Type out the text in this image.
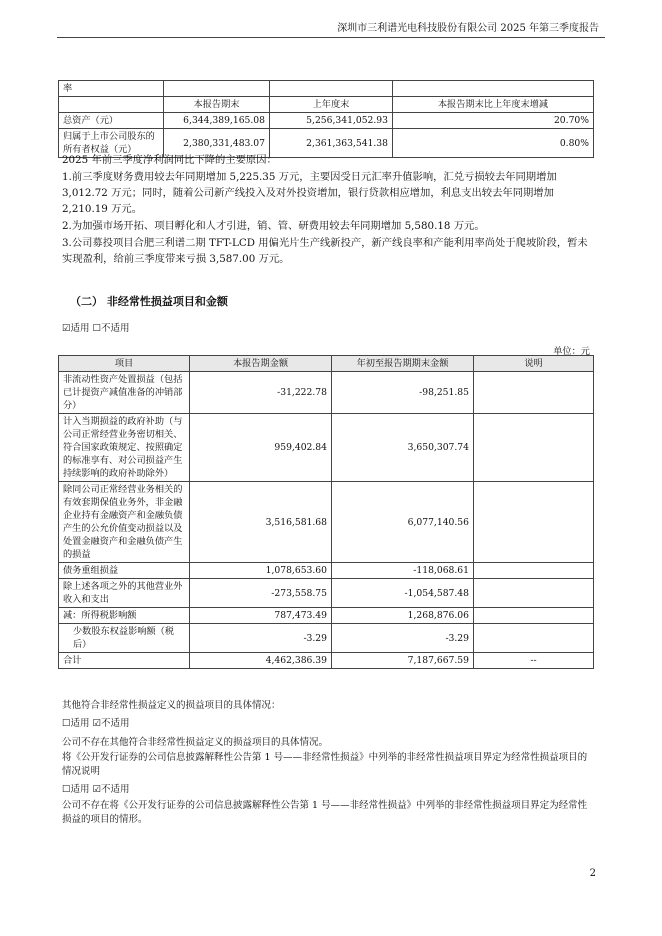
深圳市三利谱光电科技股份有限公司 2025 年第三季度报告
率			
	本报告期末	上年度末	本报告期末比上年度末增减
总资产（元）	6,344,389,165.08	5,256,341,052.93	20.70%
归属于上市公司股东的所有者权益（元）	2,380,331,483.07	2,361,363,541.38	0.80%
2025 年前三季度净利润同比下降的主要原因：
1.前三季度财务费用较去年同期增加 5,225.35 万元，主要因受日元汇率升值影响，汇兑亏损较去年同期增加 3,012.72 万元；同时，随着公司新产线投入及对外投资增加，银行贷款相应增加，利息支出较去年同期增加 2,210.19 万元。
2.为加强市场开拓、项目孵化和人才引进，销、管、研费用较去年同期增加 5,580.18 万元。
3.公司募投项目合肥三利谱二期 TFT-LCD 用偏光片生产线新投产，新产线良率和产能利用率尚处于爬坡阶段，暂未实现盈利，给前三季度带来亏损 3,587.00 万元。
（二） 非经常性损益项目和金额
☑适用 ☐不适用
单位：元
项目	本报告期金额	年初至报告期期末金额	说明
非流动性资产处置损益（包括已计提资产减值准备的冲销部分）	-31,222.78	-98,251.85	
计入当期损益的政府补助（与公司正常经营业务密切相关、符合国家政策规定、按照确定的标准享有、对公司损益产生持续影响的政府补助除外）	959,402.84	3,650,307.74	
除同公司正常经营业务相关的有效套期保值业务外，非金融企业持有金融资产和金融负债产生的公允价值变动损益以及处置金融资产和金融负债产生的损益	3,516,581.68	6,077,140.56	
债务重组损益	1,078,653.60	-118,068.61	
除上述各项之外的其他营业外收入和支出	-273,558.75	-1,054,587.48	
减：所得税影响额	787,473.49	1,268,876.06	
少数股东权益影响额（税后）	-3.29	-3.29	
合计	4,462,386.39	7,187,667.59	--
其他符合非经常性损益定义的损益项目的具体情况：
☐适用 ☑不适用
公司不存在其他符合非经常性损益定义的损益项目的具体情况。
将《公开发行证券的公司信息披露解释性公告第 1 号——非经常性损益》中列举的非经常性损益项目界定为经常性损益项目的情况说明
☐适用 ☑不适用
公司不存在将《公开发行证券的公司信息披露解释性公告第 1 号——非经常性损益》中列举的非经常性损益项目界定为经常性损益的项目的情形。
2
